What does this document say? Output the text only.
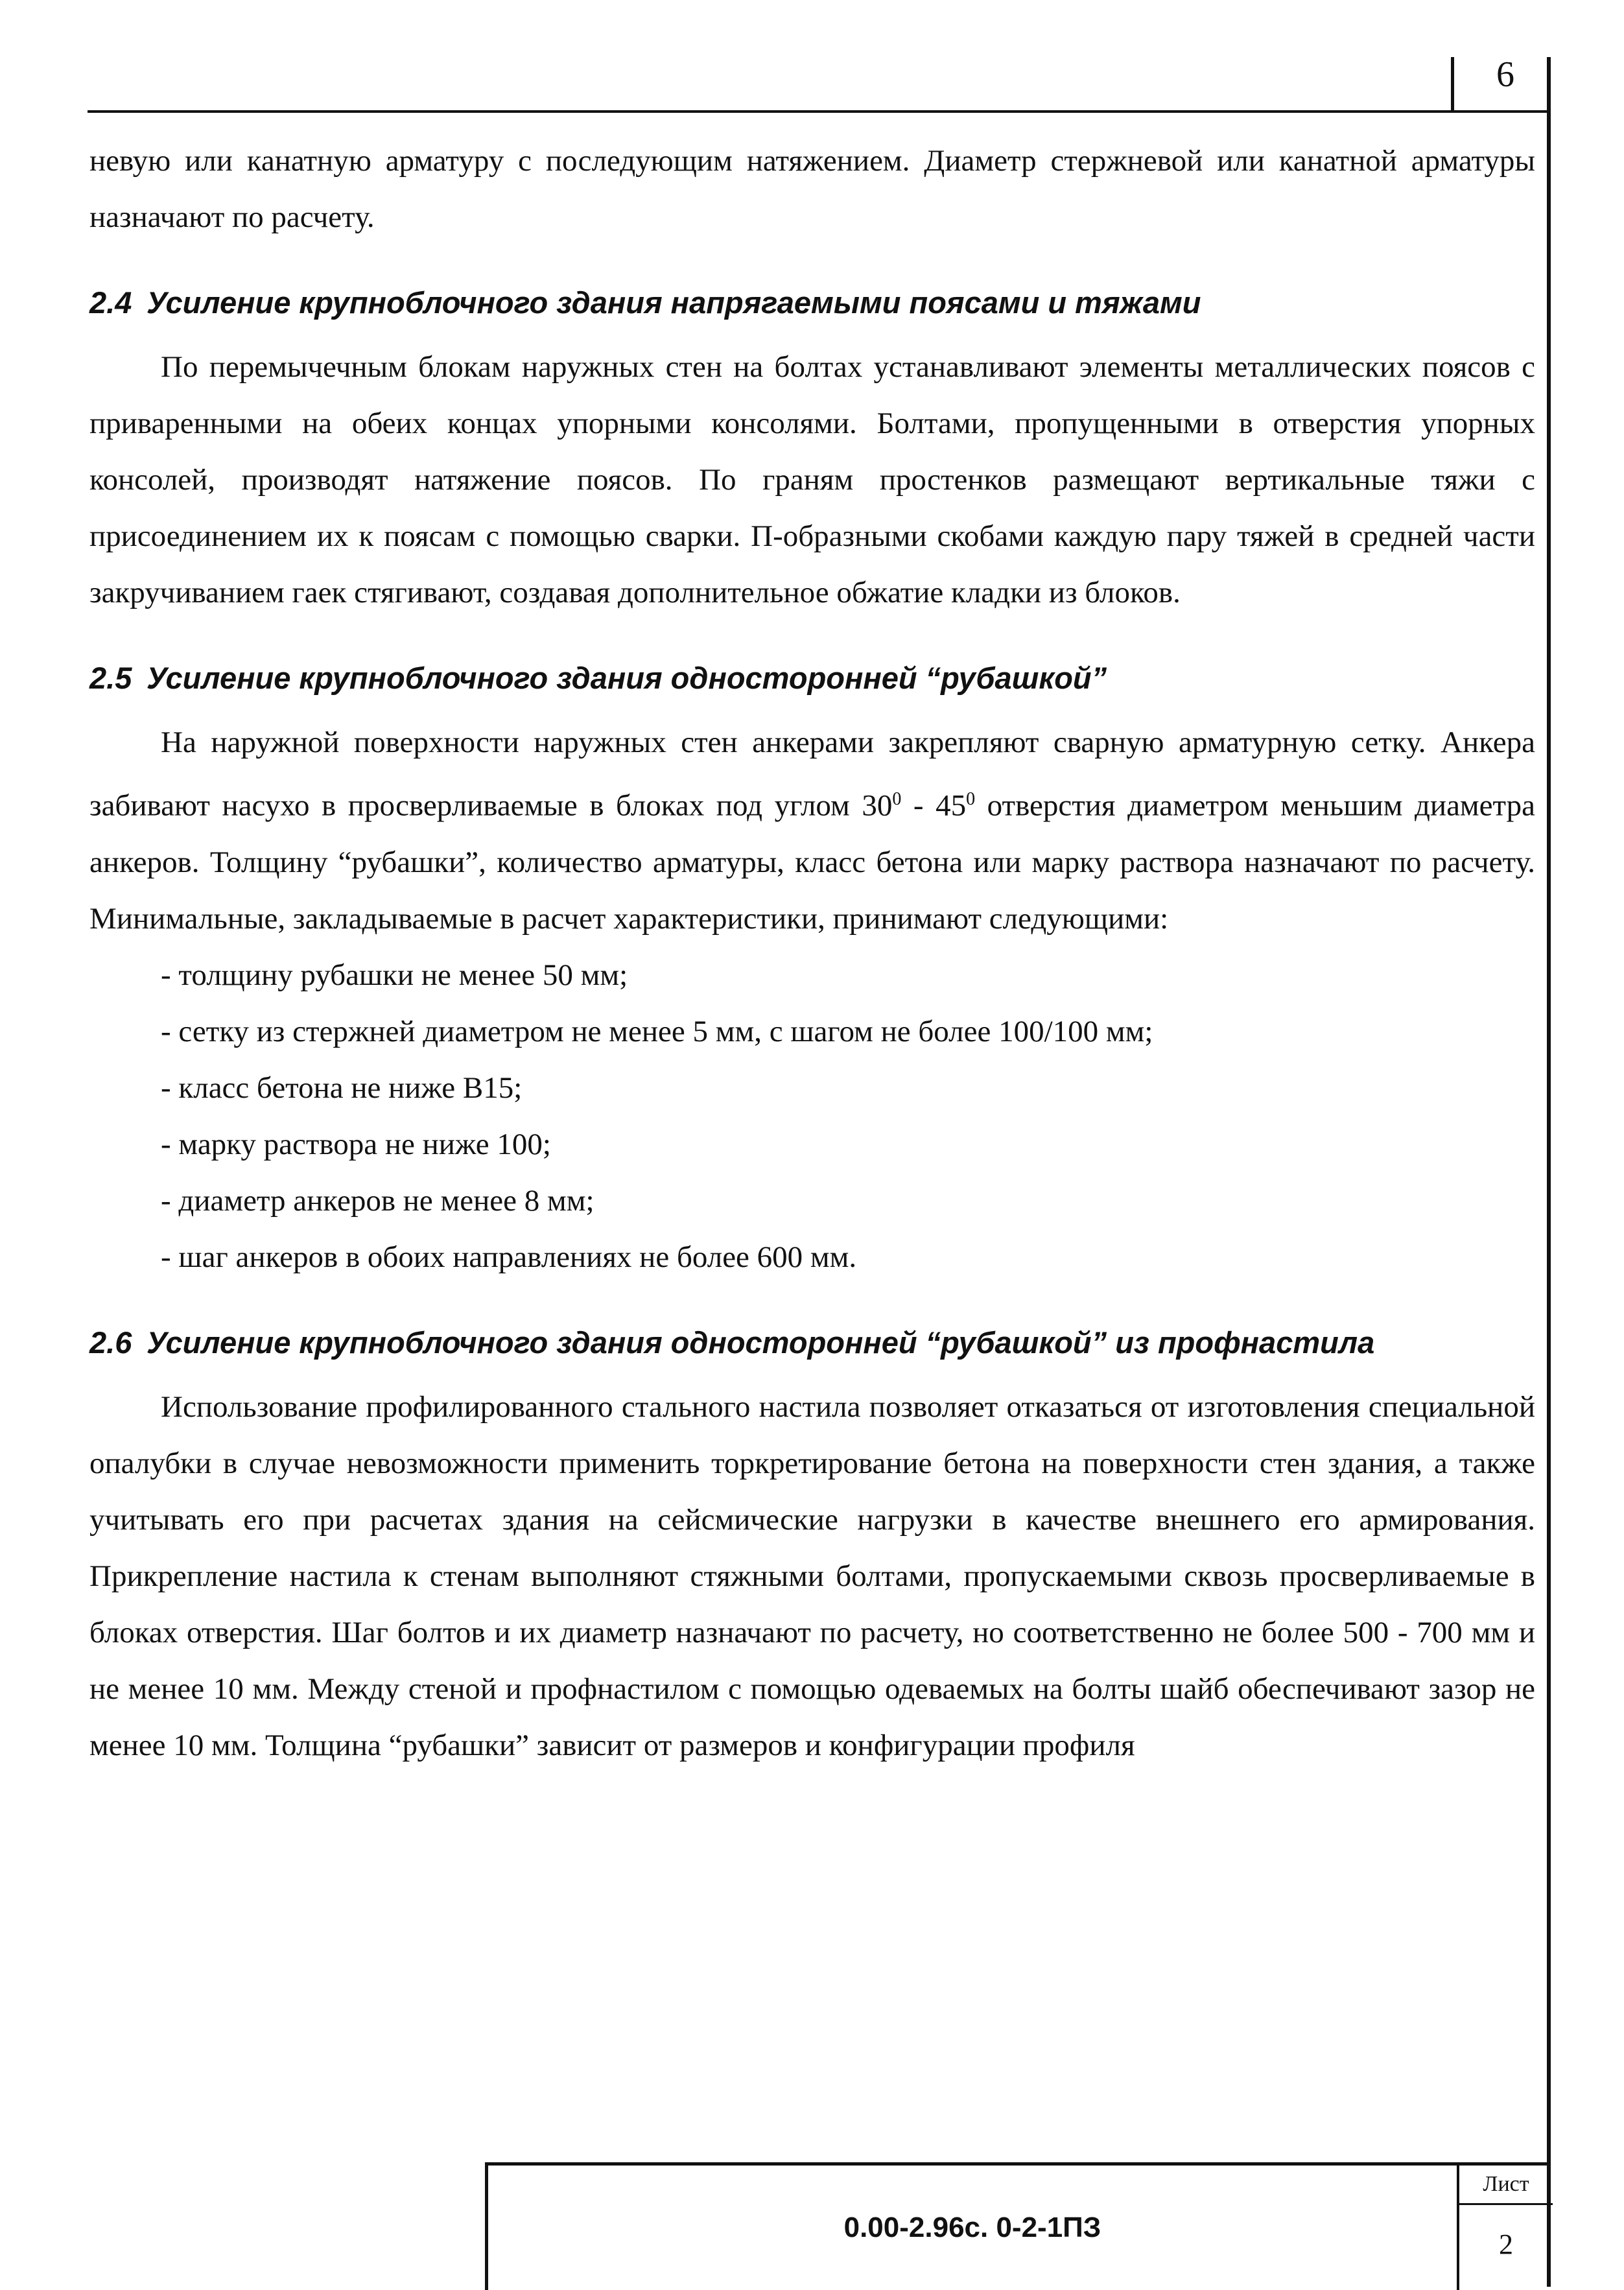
6

невую или канатную арматуру с последующим натяжением. Диаметр стержневой или канатной арматуры назначают по расчету.

2.4 Усиление крупноблочного здания напрягаемыми поясами и тяжами

По перемычечным блокам наружных стен на болтах устанавливают элементы металлических поясов с приваренными на обеих концах упорными консолями. Болтами, пропущенными в отверстия упорных консолей, производят натяжение поясов. По граням простенков размещают вертикальные тяжи с присоединением их к поясам с помощью сварки. П-образными скобами каждую пару тяжей в средней части закручиванием гаек стягивают, создавая дополнительное обжатие кладки из блоков.

2.5 Усиление крупноблочного здания односторонней “рубашкой”

На наружной поверхности наружных стен анкерами закрепляют сварную арматурную сетку. Анкера забивают насухо в просверливаемые в блоках под углом $30^0 - 45^0$ отверстия диаметром меньшим диаметра анкеров. Толщину “рубашки”, количество арматуры, класс бетона или марку раствора назначают по расчету. Минимальные, закладываемые в расчет характеристики, принимают следующими:

- толщину рубашки не менее 50 мм;
- сетку из стержней диаметром не менее 5 мм, с шагом не более 100/100 мм;
- класс бетона не ниже В15;
- марку раствора не ниже 100;
- диаметр анкеров не менее 8 мм;
- шаг анкеров в обоих направлениях не более 600 мм.
2.6 Усиление крупноблочного здания односторонней “рубашкой” из профнастила

Использование профилированного стального настила позволяет отказаться от изготовления специальной опалубки в случае невозможности применить торкретирование бетона на поверхности стен здания, а также учитывать его при расчетах здания на сейсмические нагрузки в качестве внешнего его армирования. Прикрепление настила к стенам выполняют стяжными болтами, пропускаемыми сквозь просверливаемые в блоках отверстия. Шаг болтов и их диаметр назначают по расчету, но соответственно не более 500 - 700 мм и не менее 10 мм. Между стеной и профнастилом с помощью одеваемых на болты шайб обеспечивают зазор не менее 10 мм. Толщина “рубашки” зависит от размеров и конфигурации профиля

0.00-2.96с. 0-2-1ПЗ
Лист
2
